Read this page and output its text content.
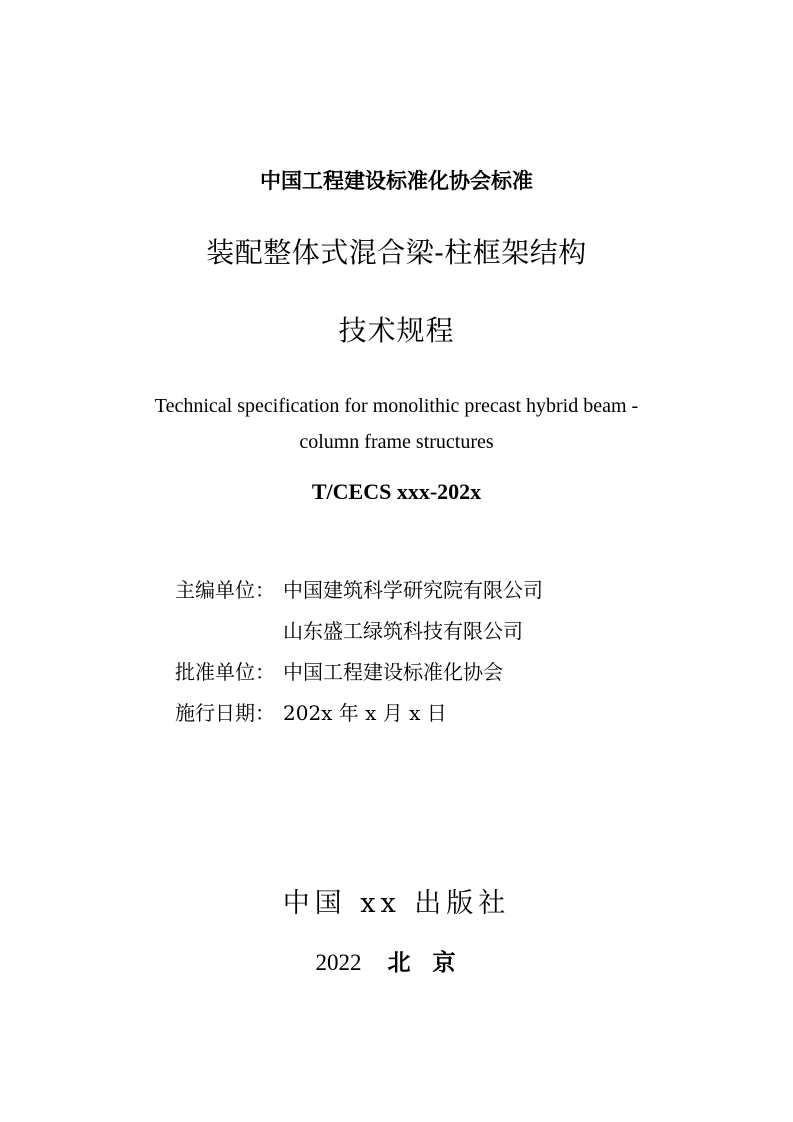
中国工程建设标准化协会标准
装配整体式混合梁-柱框架结构
技术规程
Technical specification for monolithic precast hybrid beam -
column frame structures
T/CECS xxx-202x
主编单位： 中国建筑科学研究院有限公司
山东盛工绿筑科技有限公司
批准单位： 中国工程建设标准化协会
施行日期： 202x 年 x 月 x 日
中国 xx 出版社
2022 北京
